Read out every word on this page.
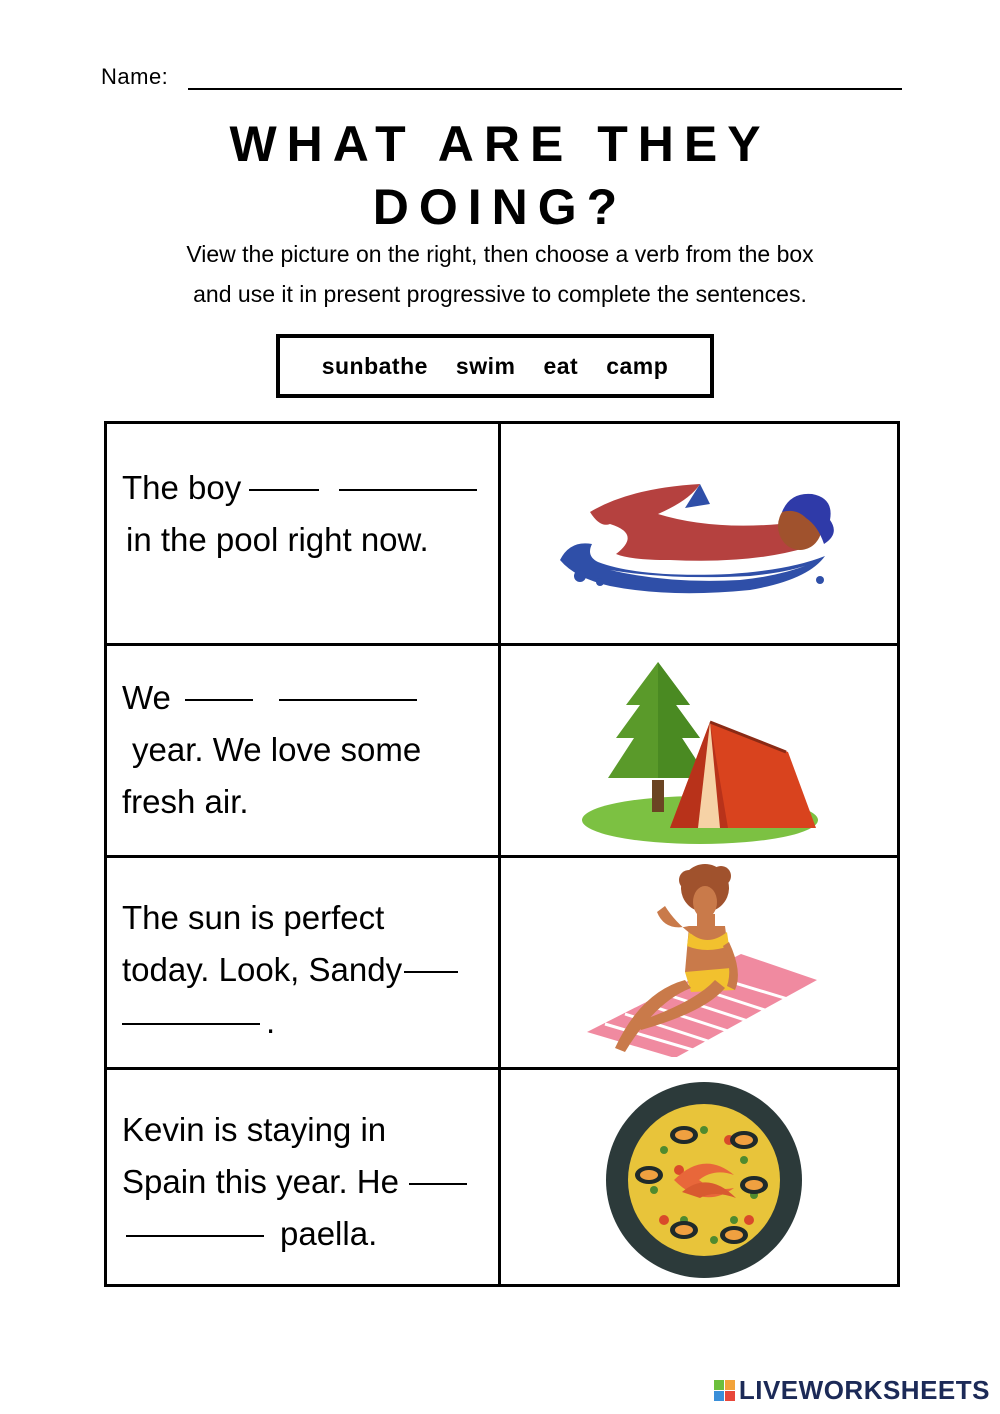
Name:
WHAT ARE THEY
DOING?
View the picture on the right, then choose a verb from the box
and use it in present progressive to complete the sentences.
sunbathe swim eat camp
The boy
in the pool right now.
We
year. We love some
fresh air.
The sun is perfect
today. Look, Sandy
.
Kevin is staying in
Spain this year. He
paella.
LIVEWORKSHEETS
